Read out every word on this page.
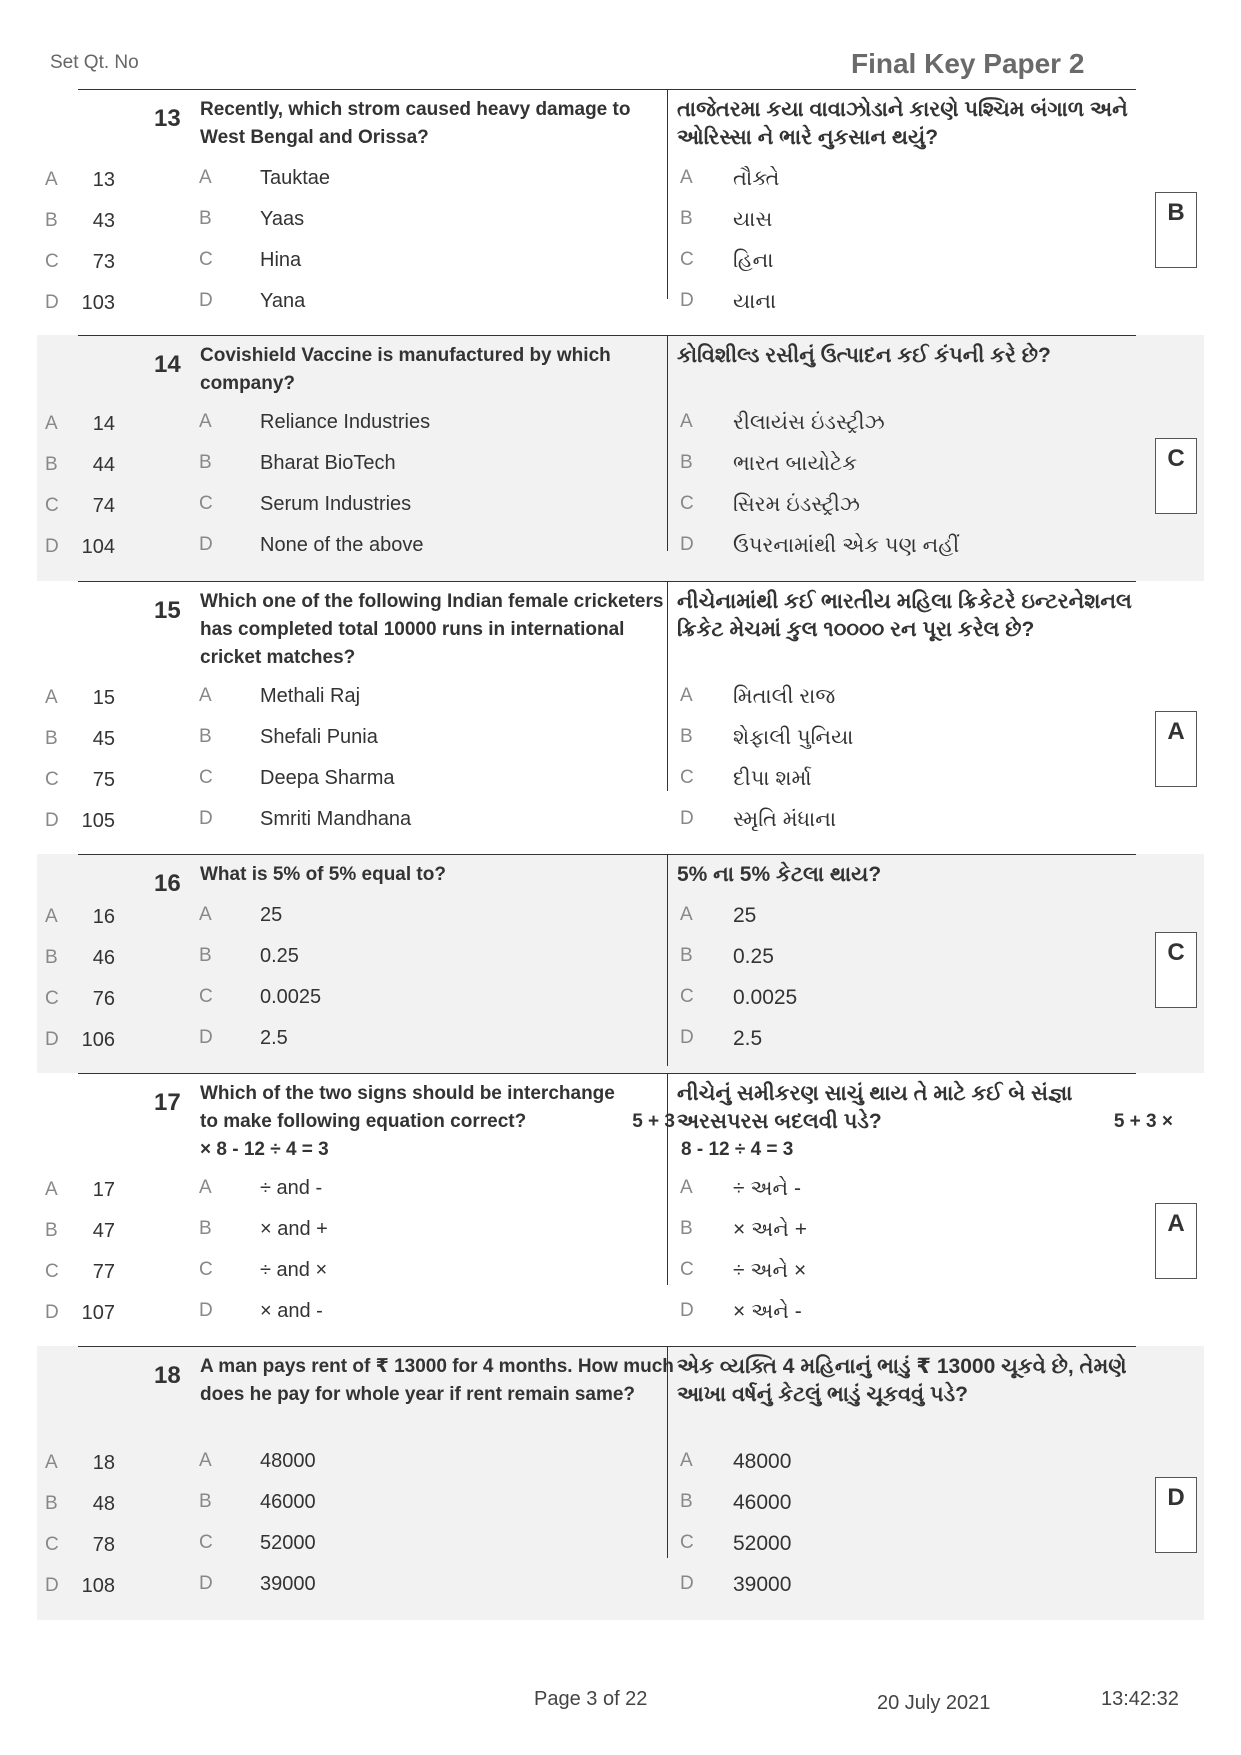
Set Qt. No	Final Key Paper 2
13 Recently, which strom caused heavy damage to West Bengal and Orissa?
તાજેતરમા કયા વાવાઝોડાને કારણે પશ્ચિમ બંગાળ અને ઓરિસ્સા ને ભારે નુકસાન થયું?
A	13	A Tauktae	A તૌક્તે
B	43	B Yaas	B યાસ
C	73	C Hina	C હિના
D 103	D Yana	D યાના
B
14 Covishield Vaccine is manufactured by which company?
કોવિશીલ્ડ રસીનું ઉત્પાદન કઈ કંપની કરે છે?
A	14	A Reliance Industries	A રીલાયંસ ઇંડસ્ટ્રીઝ
B	44	B Bharat BioTech	B ભારત બાયોટેક
C	74	C Serum Industries	C સિરમ ઇંડસ્ટ્રીઝ
D 104	D None of the above	D ઉપરનામાંથી એક પણ નહીં
C
15 Which one of the following Indian female cricketers has completed total 10000 runs in international cricket matches?
નીચેનામાંથી કઈ ભારતીય મહિલા ક્રિકેટરે ઇન્ટરનેશનલ ક્રિકેટ મેચમાં કુલ ૧૦૦૦૦ રન પૂરા કરેલ છે?
A	15	A Methali Raj	A મિતાલી રાજ
B	45	B Shefali Punia	B શેફાલી પુનિયા
C	75	C Deepa Sharma	C દીપા શર્મા
D 105	D Smriti Mandhana	D સ્મૃતિ મંધાના
A
16 What is 5% of 5% equal to?	5% ના 5% કેટલા થાય?
A	16	A 25	A 25
B	46	B 0.25	B 0.25
C	76	C 0.0025	C 0.0025
D 106	D 2.5	D 2.5
C
17 Which of the two signs should be interchange
to make following equation correct?	5 + 3
× 8 - 12 ÷ 4 = 3
નીચેનું સમીકરણ સાચું થાય તે માટે કઈ બે સંજ્ઞા
અરસપરસ બદલવી પડે?	5 + 3 ×
8 - 12 ÷ 4 = 3
A	17	A ÷ and -	A ÷ અને -
B	47	B × and +	B × અને +
C	77	C ÷ and ×	C ÷ અને ×
D 107	D × and -	D × અને -
A
18 A man pays rent of ₹ 13000 for 4 months. How much does he pay for whole year if rent remain same?
એક વ્યક્તિ 4 મહિનાનું ભાડું ₹ 13000 ચૂકવે છે, તેમણે આખા વર્ષનું કેટલું ભાડું ચૂકવવું પડે?
A	18	A 48000	A 48000
B	48	B 46000	B 46000
C	78	C 52000	C 52000
D 108	D 39000	D 39000
D
Page 3 of 22	20 July 2021	13:42:32
